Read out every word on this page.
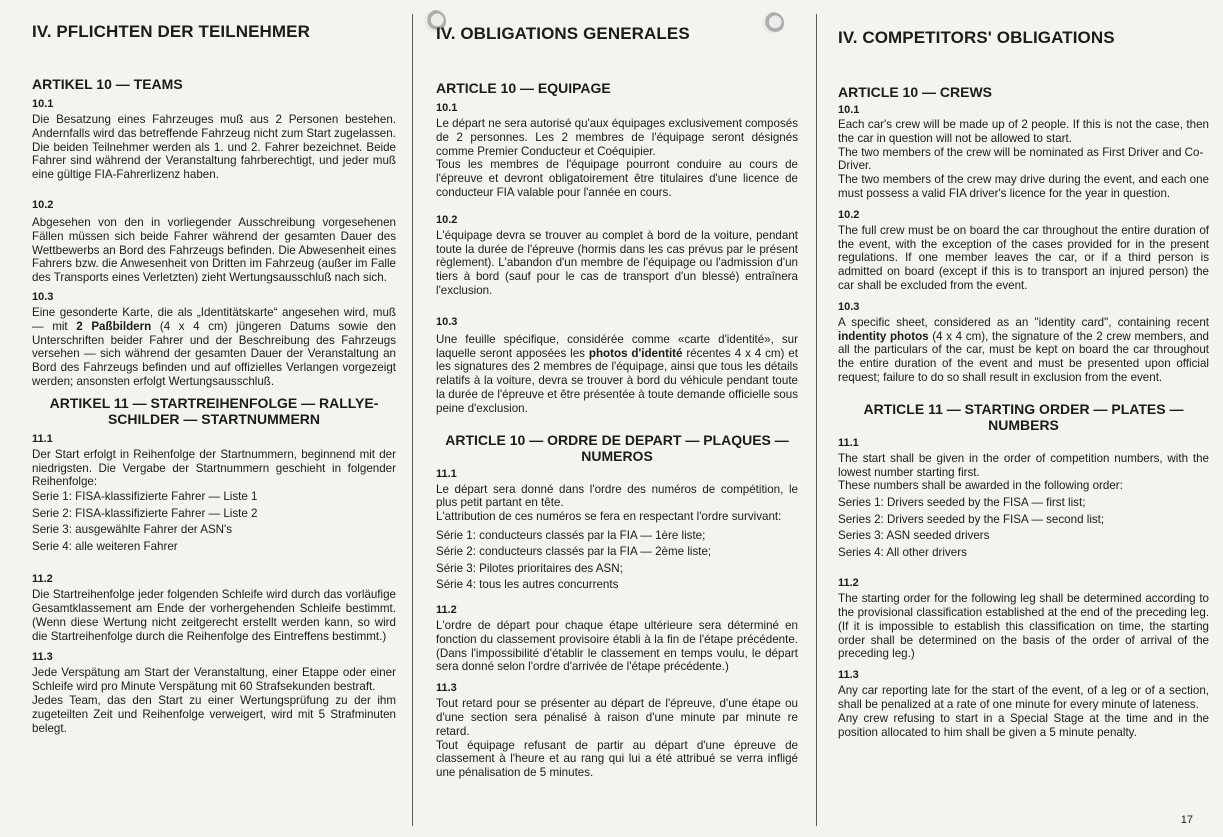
IV. PFLICHTEN DER TEILNEHMER
ARTIKEL 10 — TEAMS
10.1

Die Besatzung eines Fahrzeuges muß aus 2 Personen bestehen. Andernfalls wird das betreffende Fahrzeug nicht zum Start zugelassen.

Die beiden Teilnehmer werden als 1. und 2. Fahrer bezeichnet. Beide Fahrer sind während der Veranstaltung fahrberechtigt, und jeder muß eine gültige FIA-Fahrerlizenz haben.

10.2

Abgesehen von den in vorliegender Ausschreibung vorgesehenen Fällen müssen sich beide Fahrer während der gesamten Dauer des Wettbewerbs an Bord des Fahrzeugs befinden. Die Abwesenheit eines Fahrers bzw. die Anwesenheit von Dritten im Fahrzeug (außer im Falle des Transports eines Verletzten) zieht Wertungsausschluß nach sich.

10.3

Eine gesonderte Karte, die als „Identitätskarte“ angesehen wird, muß — mit 2 Paßbildern (4 x 4 cm) jüngeren Datums sowie den Unterschriften beider Fahrer und der Beschreibung des Fahrzeugs versehen — sich während der gesamten Dauer der Veranstaltung an Bord des Fahrzeugs befinden und auf offizielles Verlangen vorgezeigt werden; ansonsten erfolgt Wertungsausschluß.

ARTIKEL 11 — STARTREIHENFOLGE — RALLYE-
SCHILDER — STARTNUMMERN
11.1

Der Start erfolgt in Reihenfolge der Startnummern, beginnend mit der niedrigsten. Die Vergabe der Startnummern geschieht in folgender Reihenfolge:

Serie 1: FISA-klassifizierte Fahrer — Liste 1
Serie 2: FISA-klassifizierte Fahrer — Liste 2
Serie 3: ausgewählte Fahrer der ASN's
Serie 4: alle weiteren Fahrer
11.2

Die Startreihenfolge jeder folgenden Schleife wird durch das vorläufige Gesamtklassement am Ende der vorhergehenden Schleife bestimmt. (Wenn diese Wertung nicht zeitgerecht erstellt werden kann, so wird die Startreihenfolge durch die Reihenfolge des Eintreffens bestimmt.)

11.3

Jede Verspätung am Start der Veranstaltung, einer Etappe oder einer Schleife wird pro Minute Verspätung mit 60 Strafsekunden bestraft.

Jedes Team, das den Start zu einer Wertungsprüfung zu der ihm zugeteilten Zeit und Reihenfolge verweigert, wird mit 5 Strafminuten belegt.

IV. OBLIGATIONS GENERALES
ARTICLE 10 — EQUIPAGE
10.1

Le départ ne sera autorisé qu'aux équipages exclusivement composés de 2 personnes. Les 2 membres de l'équipage seront désignés comme Premier Conducteur et Coéquipier.

Tous les membres de l'équipage pourront conduire au cours de l'épreuve et devront obligatoirement être titulaires d'une licence de conducteur FIA valable pour l'année en cours.

10.2

L'équipage devra se trouver au complet à bord de la voiture, pendant toute la durée de l'épreuve (hormis dans les cas prévus par le présent règlement). L'abandon d'un membre de l'équipage ou l'admission d'un tiers à bord (sauf pour le cas de transport d'un blessé) entraînera l'exclusion.

10.3

Une feuille spécifique, considérée comme «carte d'identité», sur laquelle seront apposées les photos d'identité récentes 4 x 4 cm) et les signatures des 2 membres de l'équipage, ainsi que tous les détails relatifs à la voiture, devra se trouver à bord du véhicule pendant toute la durée de l'épreuve et être présentée à toute demande officielle sous peine d'exclusion.

ARTICLE 10 — ORDRE DE DEPART — PLAQUES —
NUMEROS
11.1

Le départ sera donné dans l'ordre des numéros de compétition, le plus petit partant en tête.

L'attribution de ces numéros se fera en respectant l'ordre survivant:

Série 1: conducteurs classés par la FIA — 1ère liste;
Série 2: conducteurs classés par la FIA — 2ème liste;
Série 3: Pilotes prioritaires des ASN;
Série 4: tous les autres concurrents
11.2

L'ordre de départ pour chaque étape ultérieure sera déterminé en fonction du classement provisoire établi à la fin de l'étape précédente. (Dans l'impossibilité d'établir le classement en temps voulu, le départ sera donné selon l'ordre d'arrivée de l'étape précédente.)

11.3

Tout retard pour se présenter au départ de l'épreuve, d'une étape ou d'une section sera pénalisé à raison d'une minute par minute re retard.

Tout équipage refusant de partir au départ d'une épreuve de classement à l'heure et au rang qui lui a été attribué se verra infligé une pénalisation de 5 minutes.

IV. COMPETITORS' OBLIGATIONS
ARTICLE 10 — CREWS
10.1

Each car's crew will be made up of 2 people. If this is not the case, then the car in question will not be allowed to start.

The two members of the crew will be nominated as First Driver and Co-Driver.

The two members of the crew may drive during the event, and each one must possess a valid FIA driver's licence for the year in question.

10.2

The full crew must be on board the car throughout the entire duration of the event, with the exception of the cases provided for in the present regulations. If one member leaves the car, or if a third person is admitted on board (except if this is to transport an injured person) the car shall be excluded from the event.

10.3

A specific sheet, considered as an "identity card", containing recent indentity photos (4 x 4 cm), the signature of the 2 crew members, and all the particulars of the car, must be kept on board the car throughout the entire duration of the event and must be presented upon official request; failure to do so shall result in exclusion from the event.

ARTICLE 11 — STARTING ORDER — PLATES —
NUMBERS
11.1

The start shall be given in the order of competition numbers, with the lowest number starting first.

These numbers shall be awarded in the following order:

Series 1: Drivers seeded by the FISA — first list;
Series 2: Drivers seeded by the FISA — second list;
Series 3: ASN seeded drivers
Series 4: All other drivers
11.2

The starting order for the following leg shall be determined according to the provisional classification established at the end of the preceding leg. (If it is impossible to establish this classification on time, the starting order shall be determined on the basis of the order of arrival of the preceding leg.)

11.3

Any car reporting late for the start of the event, of a leg or of a section, shall be penalized at a rate of one minute for every minute of lateness.

Any crew refusing to start in a Special Stage at the time and in the position allocated to him shall be given a 5 minute penalty.

17
